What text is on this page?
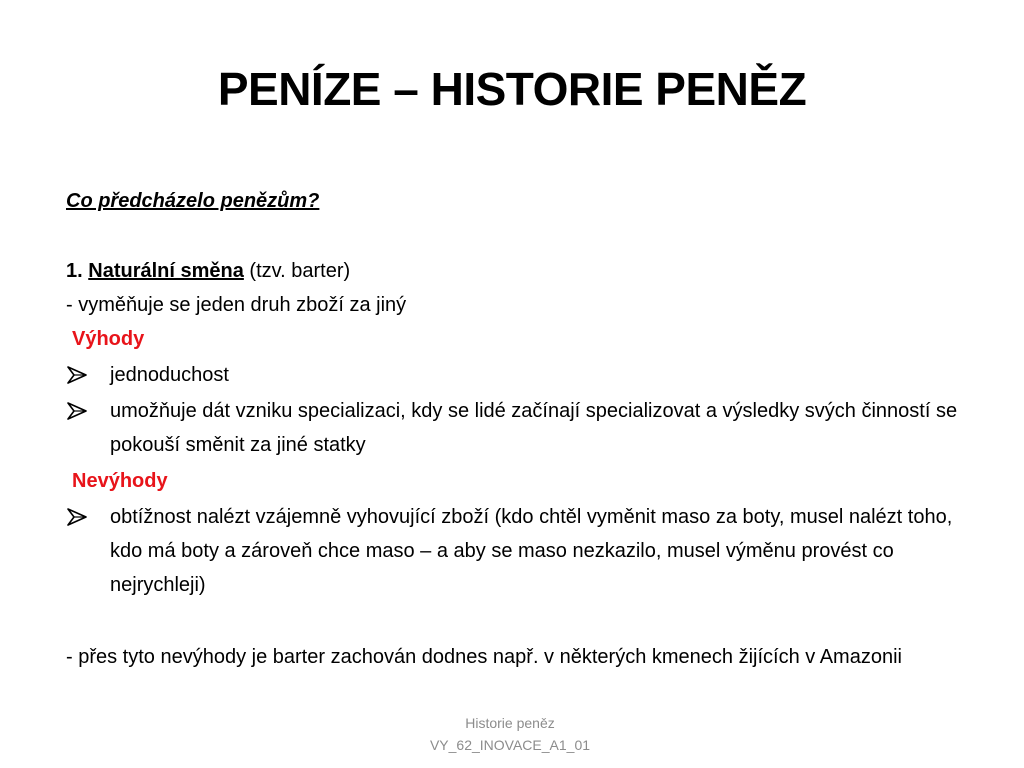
PENÍZE – HISTORIE PENĚZ

Co předcházelo penězům?

1. Naturální směna (tzv. barter)

- vyměňuje se jeden druh zboží za jiný

Výhody

jednoduchost
umožňuje dát vzniku specializaci, kdy se lidé začínají specializovat a výsledky svých činností se pokouší směnit za jiné statky

Nevýhody

obtížnost nalézt vzájemně vyhovující zboží (kdo chtěl vyměnit maso za boty, musel nalézt toho, kdo má boty a zároveň chce maso – a aby se maso nezkazilo, musel výměnu provést co nejrychleji)

- přes tyto nevýhody je barter zachován dodnes např. v některých kmenech žijících v Amazonii

Historie peněz
VY_62_INOVACE_A1_01
